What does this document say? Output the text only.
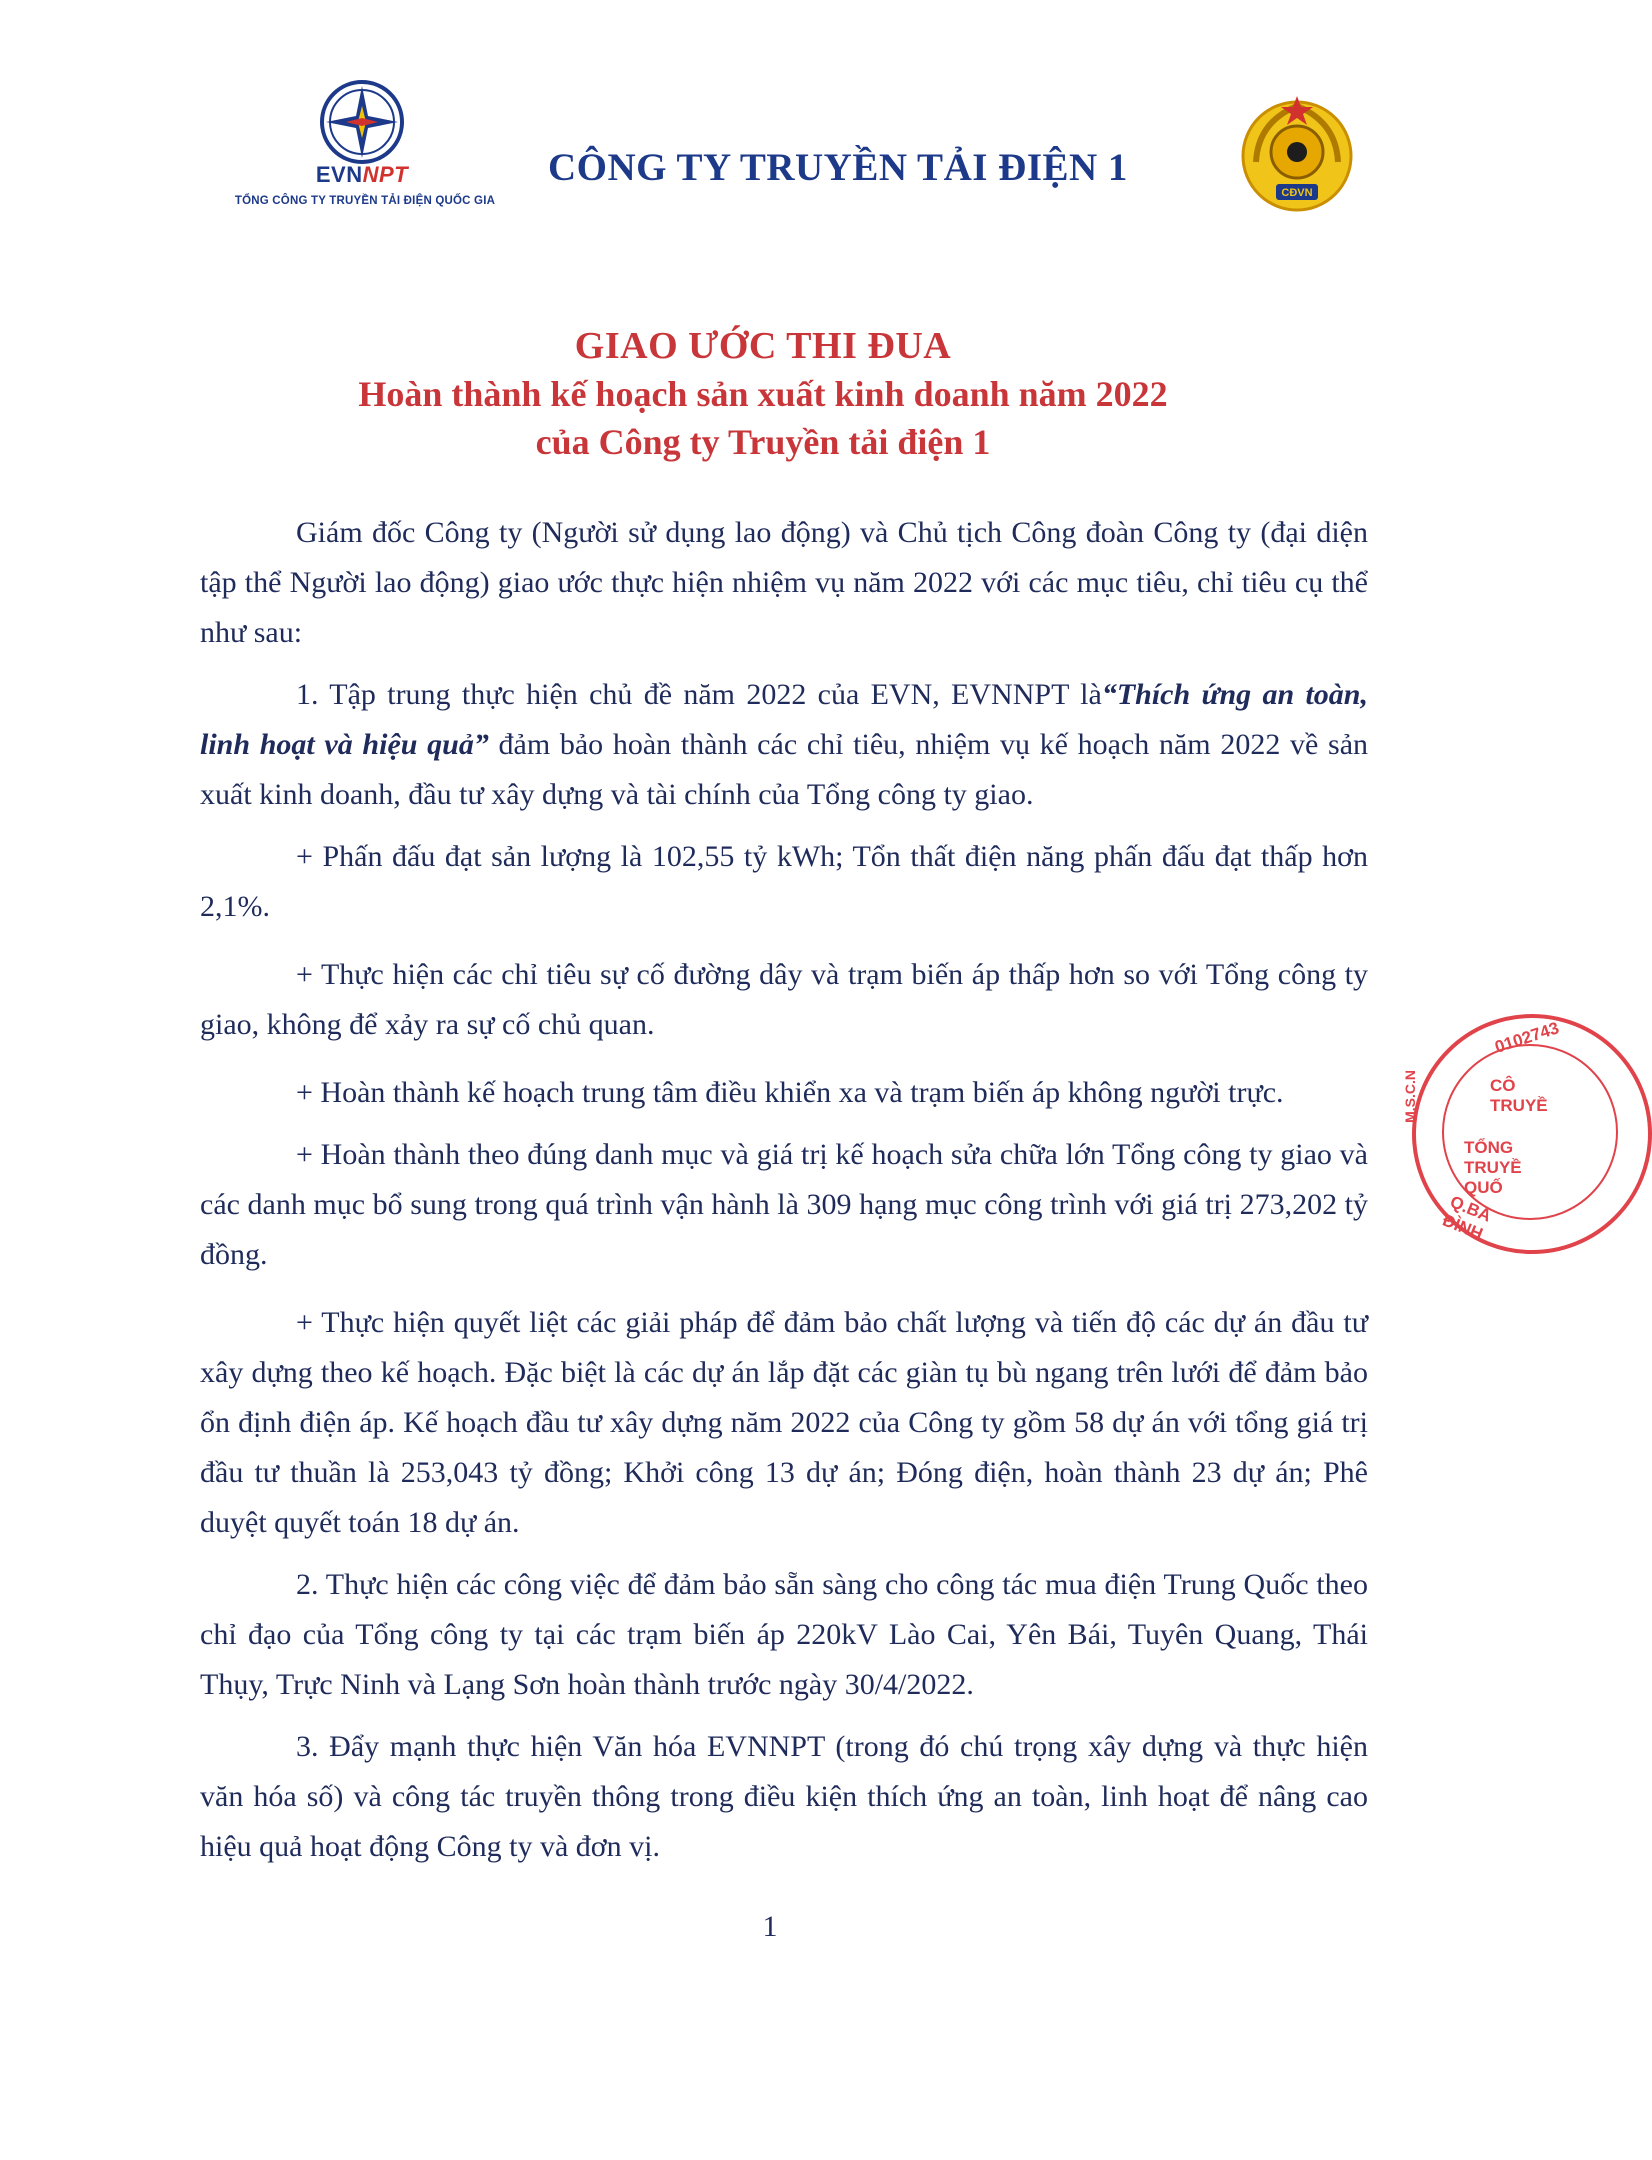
EVNNPT
TỔNG CÔNG TY TRUYỀN TẢI ĐIỆN QUỐC GIA
CÔNG TY TRUYỀN TẢI ĐIỆN 1
CĐVN
GIAO ƯỚC THI ĐUA
Hoàn thành kế hoạch sản xuất kinh doanh năm 2022
của Công ty Truyền tải điện 1

Giám đốc Công ty (Người sử dụng lao động) và Chủ tịch Công đoàn Công ty (đại diện tập thể Người lao động) giao ước thực hiện nhiệm vụ năm 2022 với các mục tiêu, chỉ tiêu cụ thể như sau:

1. Tập trung thực hiện chủ đề năm 2022 của EVN, EVNNPT là“Thích ứng an toàn, linh hoạt và hiệu quả” đảm bảo hoàn thành các chỉ tiêu, nhiệm vụ kế hoạch năm 2022 về sản xuất kinh doanh, đầu tư xây dựng và tài chính của Tổng công ty giao.

+ Phấn đấu đạt sản lượng là 102,55 tỷ kWh; Tổn thất điện năng phấn đấu đạt thấp hơn 2,1%.

+ Thực hiện các chỉ tiêu sự cố đường dây và trạm biến áp thấp hơn so với Tổng công ty giao, không để xảy ra sự cố chủ quan.

+ Hoàn thành kế hoạch trung tâm điều khiển xa và trạm biến áp không người trực.

+ Hoàn thành theo đúng danh mục và giá trị kế hoạch sửa chữa lớn Tổng công ty giao và các danh mục bổ sung trong quá trình vận hành là 309 hạng mục công trình với giá trị 273,202 tỷ đồng.

+ Thực hiện quyết liệt các giải pháp để đảm bảo chất lượng và tiến độ các dự án đầu tư xây dựng theo kế hoạch. Đặc biệt là các dự án lắp đặt các giàn tụ bù ngang trên lưới để đảm bảo ổn định điện áp. Kế hoạch đầu tư xây dựng năm 2022 của Công ty gồm 58 dự án với tổng giá trị đầu tư thuần là 253,043 tỷ đồng; Khởi công 13 dự án; Đóng điện, hoàn thành 23 dự án; Phê duyệt quyết toán 18 dự án.

2. Thực hiện các công việc để đảm bảo sẵn sàng cho công tác mua điện Trung Quốc theo chỉ đạo của Tổng công ty tại các trạm biến áp 220kV Lào Cai, Yên Bái, Tuyên Quang, Thái Thụy, Trực Ninh và Lạng Sơn hoàn thành trước ngày 30/4/2022.

3. Đẩy mạnh thực hiện Văn hóa EVNNPT (trong đó chú trọng xây dựng và thực hiện văn hóa số) và công tác truyền thông trong điều kiện thích ứng an toàn, linh hoạt để nâng cao hiệu quả hoạt động Công ty và đơn vị.

1
0102743
CÔ TRUYỀ
TỔNG TRUYỀ QUỐ
Q.BA ĐÌNH
M.S.C.N
